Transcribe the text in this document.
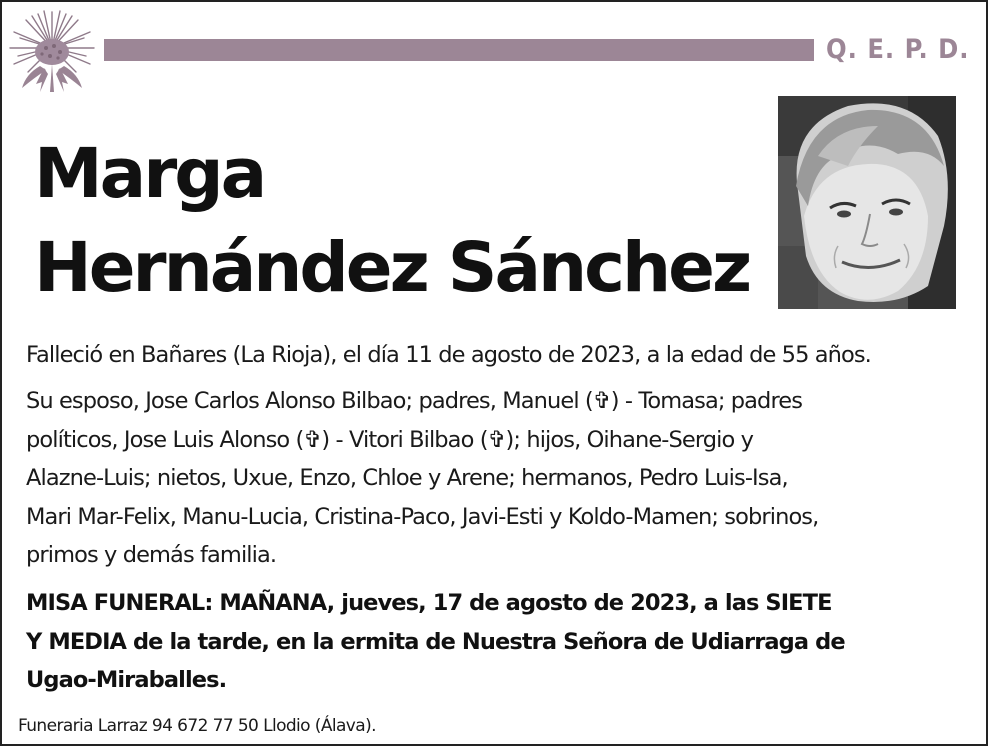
Q. E. P. D.
Marga
Hernández Sánchez

Falleció en Bañares (La Rioja), el día 11 de agosto de 2023, a la edad de 55 años.

Su esposo, Jose Carlos Alonso Bilbao; padres, Manuel (✞) - Tomasa; padres
políticos, Jose Luis Alonso (✞) - Vitori Bilbao (✞); hijos, Oihane-Sergio y
Alazne-Luis; nietos, Uxue, Enzo, Chloe y Arene; hermanos, Pedro Luis-Isa,
Mari Mar-Felix, Manu-Lucia, Cristina-Paco, Javi-Esti y Koldo-Mamen; sobrinos,
primos y demás familia.
MISA FUNERAL: MAÑANA, jueves, 17 de agosto de 2023, a las SIETE
Y MEDIA de la tarde, en la ermita de Nuestra Señora de Udiarraga de
Ugao-Miraballes.
Funeraria Larraz 94 672 77 50 Llodio (Álava).
